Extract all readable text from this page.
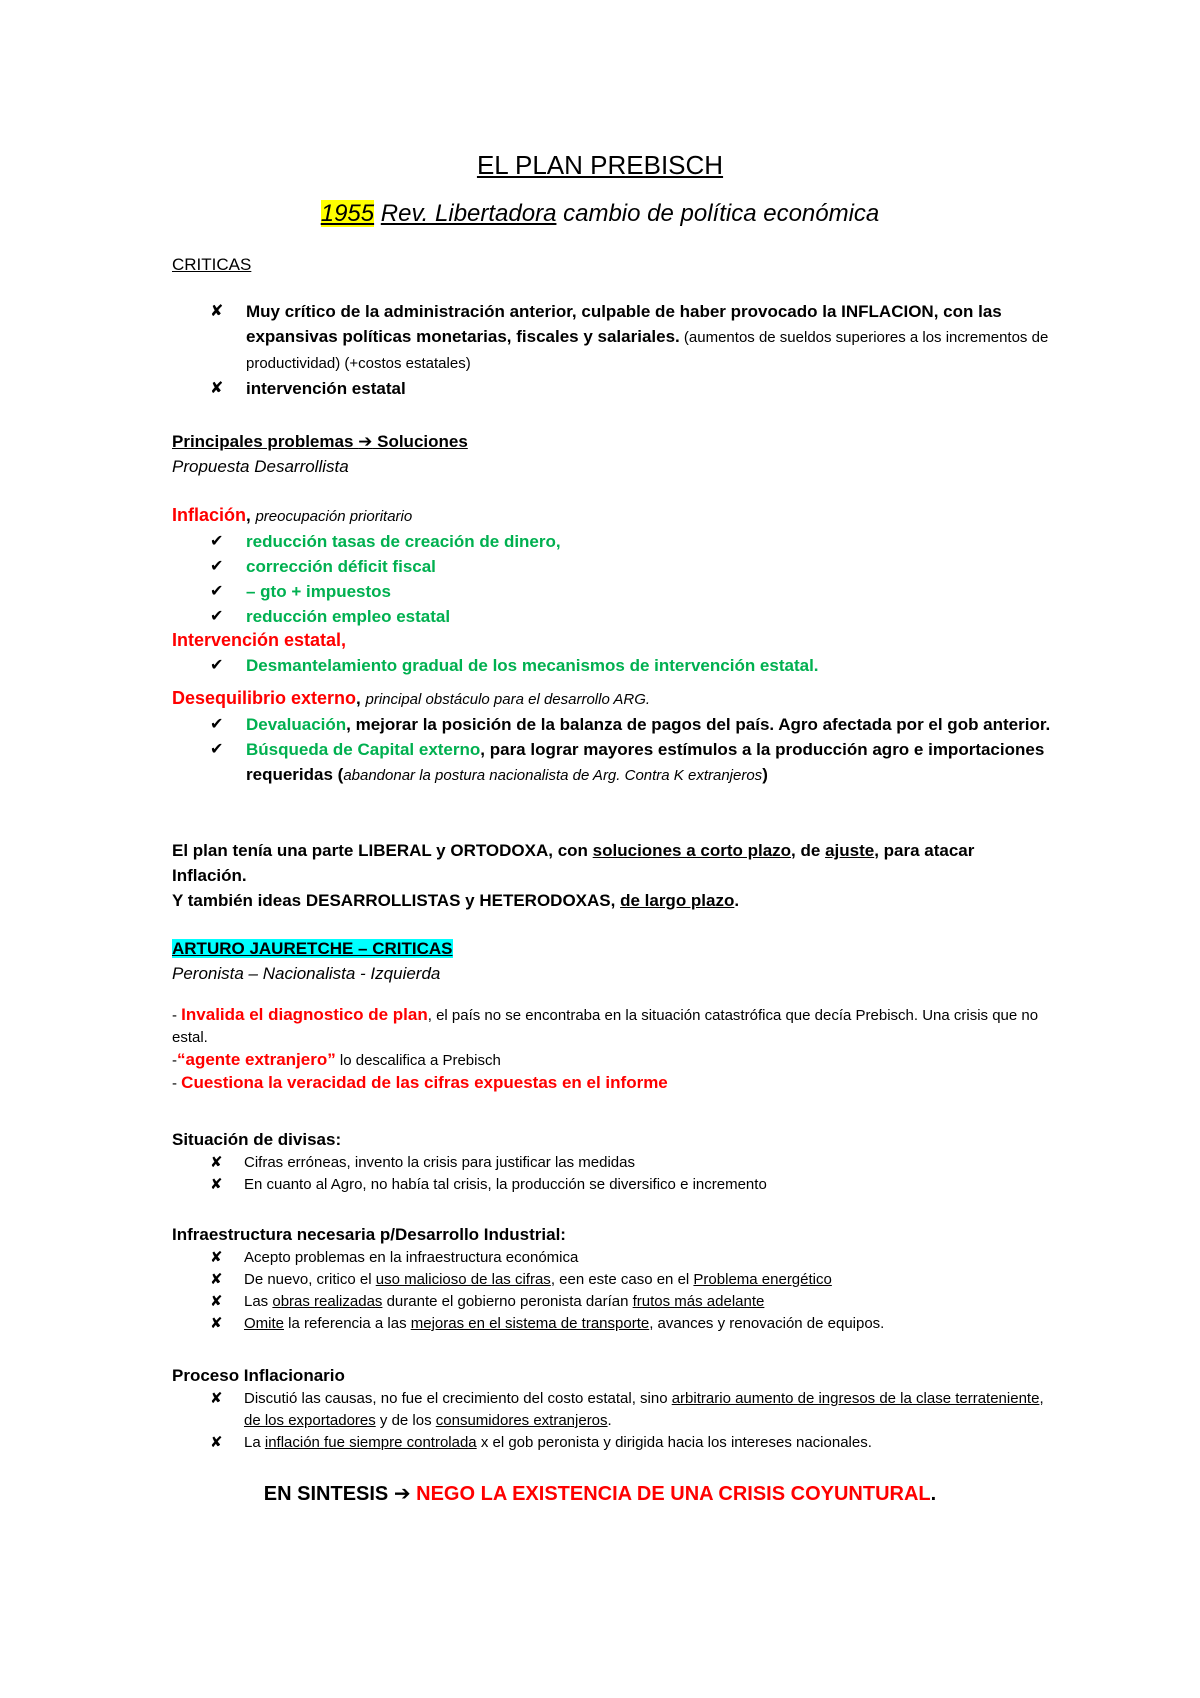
EL PLAN PREBISCH
1955 Rev. Libertadora cambio de política económica
CRITICAS
✘ Muy crítico de la administración anterior, culpable de haber provocado la INFLACION, con las expansivas políticas monetarias, fiscales y salariales. (aumentos de sueldos superiores a los incrementos de productividad) (+costos estatales)
✘ intervención estatal
Principales problemas ➔ Soluciones
Propuesta Desarrollista
Inflación, preocupación prioritario
✔ reducción tasas de creación de dinero,
✔ corrección déficit fiscal
✔ – gto + impuestos
✔ reducción empleo estatal
Intervención estatal,
✔ Desmantelamiento gradual de los mecanismos de intervención estatal.
Desequilibrio externo, principal obstáculo para el desarrollo ARG.
✔ Devaluación, mejorar la posición de la balanza de pagos del país. Agro afectada por el gob anterior.
✔ Búsqueda de Capital externo, para lograr mayores estímulos a la producción agro e importaciones requeridas (abandonar la postura nacionalista de Arg. Contra K extranjeros)
El plan tenía una parte LIBERAL y ORTODOXA, con soluciones a corto plazo, de ajuste, para atacar Inflación.
Y también ideas DESARROLLISTAS y HETERODOXAS, de largo plazo.
ARTURO JAURETCHE – CRITICAS
Peronista – Nacionalista - Izquierda
- Invalida el diagnostico de plan, el país no se encontraba en la situación catastrófica que decía Prebisch. Una crisis que no estal.
-“agente extranjero” lo descalifica a Prebisch
- Cuestiona la veracidad de las cifras expuestas en el informe
Situación de divisas:
✘ Cifras erróneas, invento la crisis para justificar las medidas
✘ En cuanto al Agro, no había tal crisis, la producción se diversifico e incremento
Infraestructura necesaria p/Desarrollo Industrial:
✘ Acepto problemas en la infraestructura económica
✘ De nuevo, critico el uso malicioso de las cifras, een este caso en el Problema energético
✘ Las obras realizadas durante el gobierno peronista darían frutos más adelante
✘ Omite la referencia a las mejoras en el sistema de transporte, avances y renovación de equipos.
Proceso Inflacionario
✘ Discutió las causas, no fue el crecimiento del costo estatal, sino arbitrario aumento de ingresos de la clase terrateniente, de los exportadores y de los consumidores extranjeros.
✘ La inflación fue siempre controlada x el gob peronista y dirigida hacia los intereses nacionales.
EN SINTESIS ➔ NEGO LA EXISTENCIA DE UNA CRISIS COYUNTURAL.
